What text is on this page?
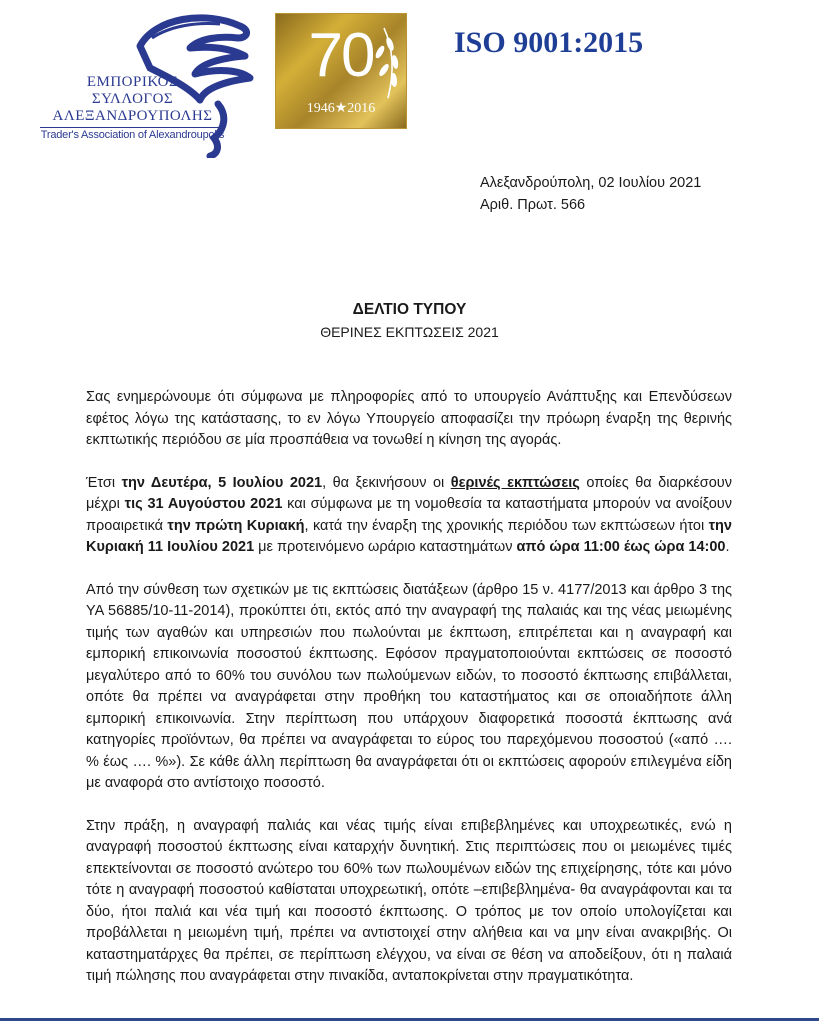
ΕΜΠΟΡΙΚΟΣ
ΣΥΛΛΟΓΟΣ
ΑΛΕΞΑΝΔΡΟΥΠΟΛΗΣ
Trader's Association of Alexandroupolis
70
1946★2016
ISO 9001:2015
Αλεξανδρούπολη, 02 Ιουλίου 2021
Αριθ. Πρωτ. 566
ΔΕΛΤΙΟ ΤΥΠΟΥ
ΘΕΡΙΝΕΣ ΕΚΠΤΩΣΕΙΣ 2021

Σας ενημερώνουμε ότι σύμφωνα με πληροφορίες από το υπουργείο Ανάπτυξης και Επενδύσεων εφέτος λόγω της κατάστασης, το εν λόγω Υπουργείο αποφασίζει την πρόωρη έναρξη της θερινής εκπτωτικής περιόδου σε μία προσπάθεια να τονωθεί η κίνηση της αγοράς.

Έτσι την Δευτέρα, 5 Ιουλίου 2021, θα ξεκινήσουν οι θερινές εκπτώσεις οποίες θα διαρκέσουν μέχρι τις 31 Αυγούστου 2021 και σύμφωνα με τη νομοθεσία τα καταστήματα μπορούν να ανοίξουν προαιρετικά την πρώτη Κυριακή, κατά την έναρξη της χρονικής περιόδου των εκπτώσεων ήτοι την Κυριακή 11 Ιουλίου 2021 με προτεινόμενο ωράριο καταστημάτων από ώρα 11:00 έως ώρα 14:00.

Από την σύνθεση των σχετικών με τις εκπτώσεις διατάξεων (άρθρο 15 ν. 4177/2013 και άρθρο 3 της ΥΑ 56885/10-11-2014), προκύπτει ότι, εκτός από την αναγραφή της παλαιάς και της νέας μειωμένης τιμής των αγαθών και υπηρεσιών που πωλούνται με έκπτωση, επιτρέπεται και η αναγραφή και εμπορική επικοινωνία ποσοστού έκπτωσης. Εφόσον πραγματοποιούνται εκπτώσεις σε ποσοστό μεγαλύτερο από το 60% του συνόλου των πωλούμενων ειδών, το ποσοστό έκπτωσης επιβάλλεται, οπότε θα πρέπει να αναγράφεται στην προθήκη του καταστήματος και σε οποιαδήποτε άλλη εμπορική επικοινωνία. Στην περίπτωση που υπάρχουν διαφορετικά ποσοστά έκπτωσης ανά κατηγορίες προϊόντων, θα πρέπει να αναγράφεται το εύρος του παρεχόμενου ποσοστού («από …. % έως …. %»). Σε κάθε άλλη περίπτωση θα αναγράφεται ότι οι εκπτώσεις αφορούν επιλεγμένα είδη με αναφορά στο αντίστοιχο ποσοστό.

Στην πράξη, η αναγραφή παλιάς και νέας τιμής είναι επιβεβλημένες και υποχρεωτικές, ενώ η αναγραφή ποσοστού έκπτωσης είναι καταρχήν δυνητική. Στις περιπτώσεις που οι μειωμένες τιμές επεκτείνονται σε ποσοστό ανώτερο του 60% των πωλουμένων ειδών της επιχείρησης, τότε και μόνο τότε η αναγραφή ποσοστού καθίσταται υποχρεωτική, οπότε –επιβεβλημένα- θα αναγράφονται και τα δύο, ήτοι παλιά και νέα τιμή και ποσοστό έκπτωσης. Ο τρόπος με τον οποίο υπολογίζεται και προβάλλεται η μειωμένη τιμή, πρέπει να αντιστοιχεί στην αλήθεια και να μην είναι ανακριβής. Οι καταστηματάρχες θα πρέπει, σε περίπτωση ελέγχου, να είναι σε θέση να αποδείξουν, ότι η παλαιά τιμή πώλησης που αναγράφεται στην πινακίδα, ανταποκρίνεται στην πραγματικότητα.
